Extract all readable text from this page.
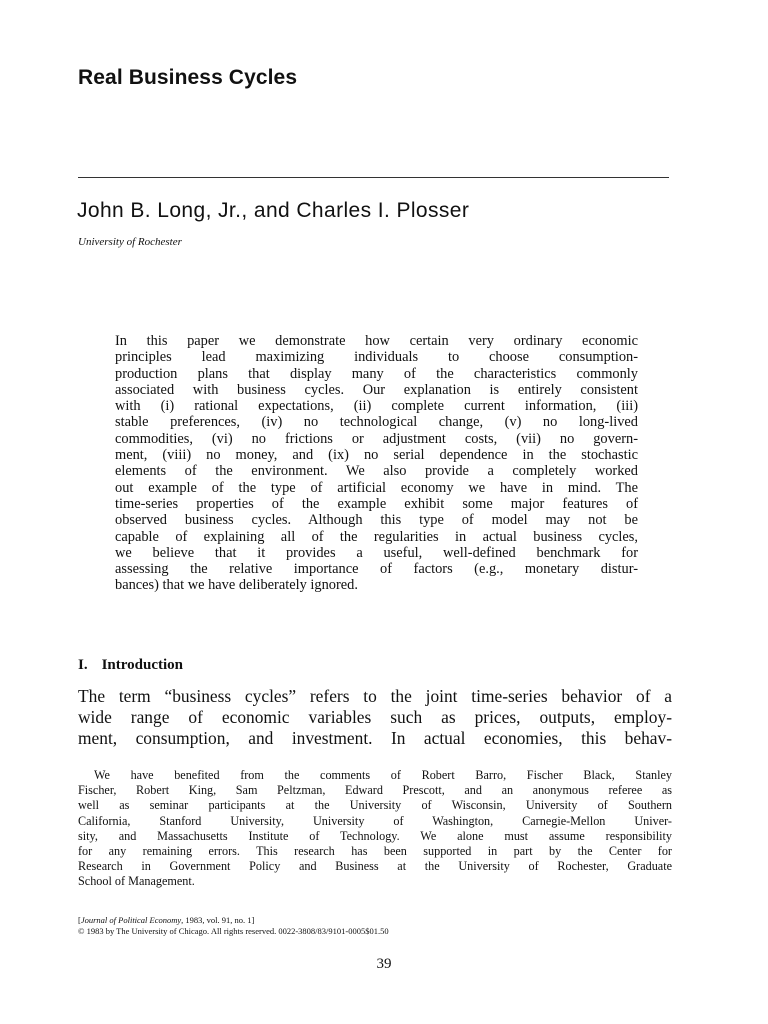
Real Business Cycles
John B. Long, Jr., and Charles I. Plosser
University of Rochester
In this paper we demonstrate how certain very ordinary economic
principles lead maximizing individuals to choose consumption-
production plans that display many of the characteristics commonly
associated with business cycles. Our explanation is entirely consistent
with (i) rational expectations, (ii) complete current information, (iii)
stable preferences, (iv) no technological change, (v) no long-lived
commodities, (vi) no frictions or adjustment costs, (vii) no govern-
ment, (viii) no money, and (ix) no serial dependence in the stochastic
elements of the environment. We also provide a completely worked
out example of the type of artificial economy we have in mind. The
time-series properties of the example exhibit some major features of
observed business cycles. Although this type of model may not be
capable of explaining all of the regularities in actual business cycles,
we believe that it provides a useful, well-defined benchmark for
assessing the relative importance of factors (e.g., monetary distur-
bances) that we have deliberately ignored.
I. Introduction
The term “business cycles” refers to the joint time-series behavior of a
wide range of economic variables such as prices, outputs, employ-
ment, consumption, and investment. In actual economies, this behav-
We have benefited from the comments of Robert Barro, Fischer Black, Stanley
Fischer, Robert King, Sam Peltzman, Edward Prescott, and an anonymous referee as
well as seminar participants at the University of Wisconsin, University of Southern
California, Stanford University, University of Washington, Carnegie-Mellon Univer-
sity, and Massachusetts Institute of Technology. We alone must assume responsibility
for any remaining errors. This research has been supported in part by the Center for
Research in Government Policy and Business at the University of Rochester, Graduate
School of Management.
[Journal of Political Economy, 1983, vol. 91, no. 1]
© 1983 by The University of Chicago. All rights reserved. 0022-3808/83/9101-0005$01.50
39
